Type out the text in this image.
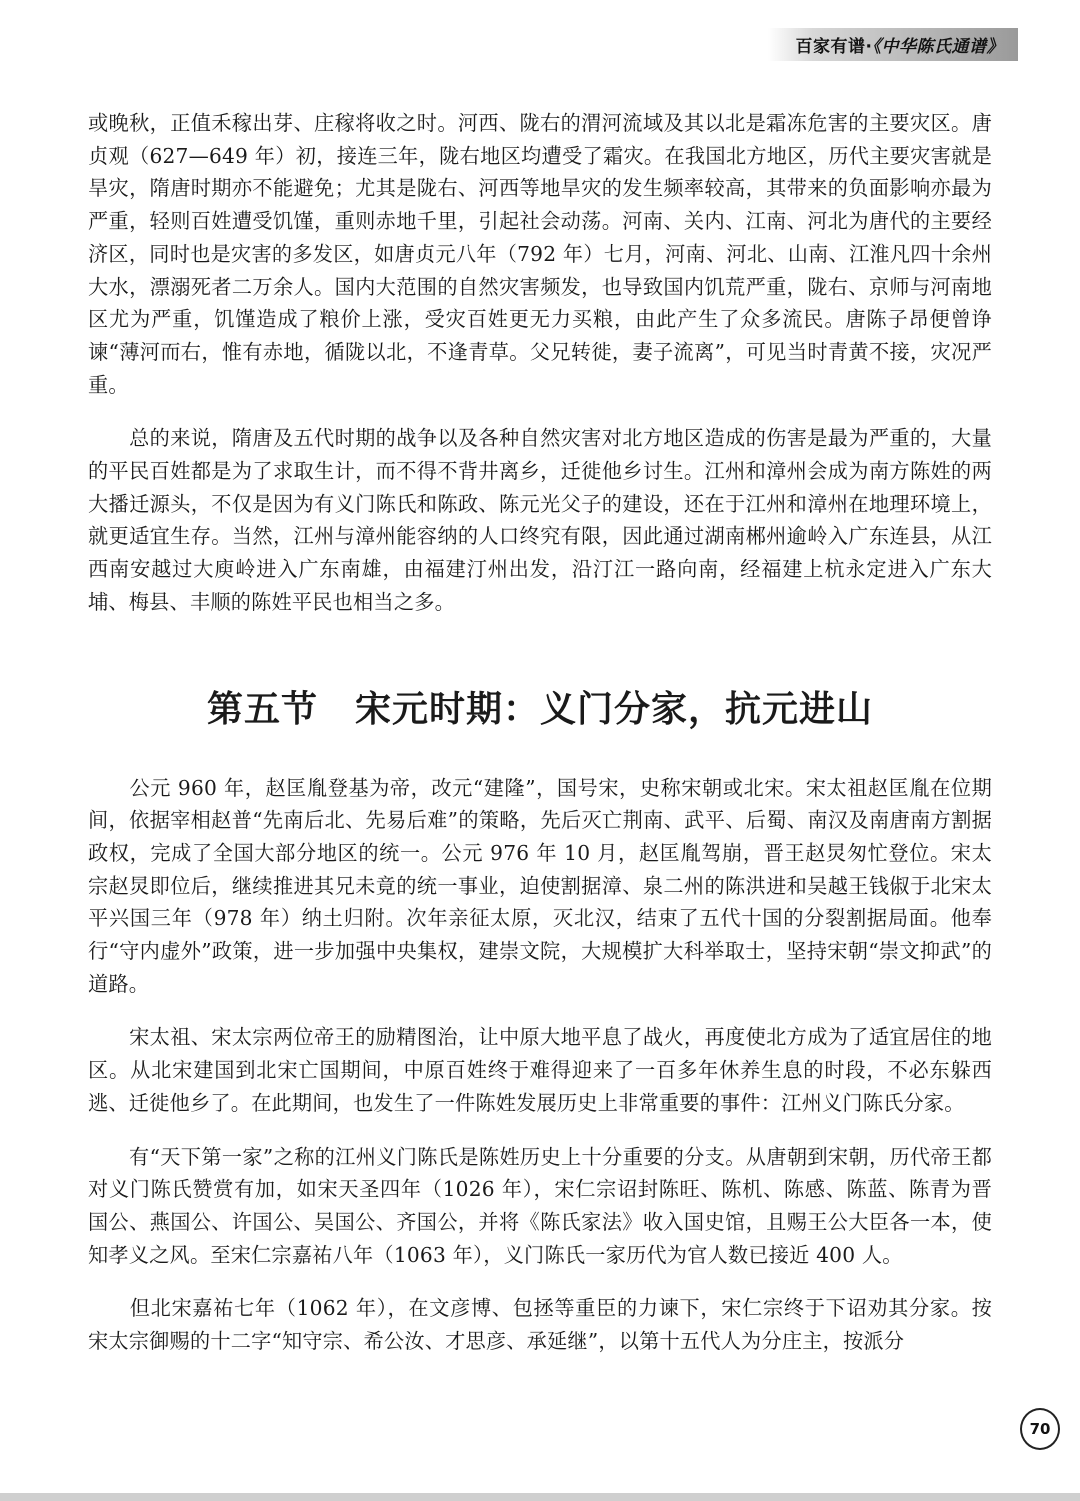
百家有谱·《中华陈氏通谱》

或晚秋，正值禾稼出芽、庄稼将收之时。河西、陇右的渭河流域及其以北是霜冻危害的主要灾区。唐贞观（627—649 年）初，接连三年，陇右地区均遭受了霜灾。在我国北方地区，历代主要灾害就是旱灾，隋唐时期亦不能避免；尤其是陇右、河西等地旱灾的发生频率较高，其带来的负面影响亦最为严重，轻则百姓遭受饥馑，重则赤地千里，引起社会动荡。河南、关内、江南、河北为唐代的主要经济区，同时也是灾害的多发区，如唐贞元八年（792 年）七月，河南、河北、山南、江淮凡四十余州大水，漂溺死者二万余人。国内大范围的自然灾害频发，也导致国内饥荒严重，陇右、京师与河南地区尤为严重，饥馑造成了粮价上涨，受灾百姓更无力买粮，由此产生了众多流民。唐陈子昂便曾诤谏“薄河而右，惟有赤地，循陇以北，不逢青草。父兄转徙，妻子流离”，可见当时青黄不接，灾况严重。

　　总的来说，隋唐及五代时期的战争以及各种自然灾害对北方地区造成的伤害是最为严重的，大量的平民百姓都是为了求取生计，而不得不背井离乡，迁徙他乡讨生。江州和漳州会成为南方陈姓的两大播迁源头，不仅是因为有义门陈氏和陈政、陈元光父子的建设，还在于江州和漳州在地理环境上，就更适宜生存。当然，江州与漳州能容纳的人口终究有限，因此通过湖南郴州逾岭入广东连县，从江西南安越过大庾岭进入广东南雄，由福建汀州出发，沿汀江一路向南，经福建上杭永定进入广东大埔、梅县、丰顺的陈姓平民也相当之多。

第五节　宋元时期：义门分家，抗元进山

　　公元 960 年，赵匡胤登基为帝，改元“建隆”，国号宋，史称宋朝或北宋。宋太祖赵匡胤在位期间，依据宰相赵普“先南后北、先易后难”的策略，先后灭亡荆南、武平、后蜀、南汉及南唐南方割据政权，完成了全国大部分地区的统一。公元 976 年 10 月，赵匡胤驾崩，晋王赵炅匆忙登位。宋太宗赵炅即位后，继续推进其兄未竟的统一事业，迫使割据漳、泉二州的陈洪进和吴越王钱俶于北宋太平兴国三年（978 年）纳土归附。次年亲征太原，灭北汉，结束了五代十国的分裂割据局面。他奉行“守内虚外”政策，进一步加强中央集权，建崇文院，大规模扩大科举取士，坚持宋朝“崇文抑武”的道路。

　　宋太祖、宋太宗两位帝王的励精图治，让中原大地平息了战火，再度使北方成为了适宜居住的地区。从北宋建国到北宋亡国期间，中原百姓终于难得迎来了一百多年休养生息的时段，不必东躲西逃、迁徙他乡了。在此期间，也发生了一件陈姓发展历史上非常重要的事件：江州义门陈氏分家。

　　有“天下第一家”之称的江州义门陈氏是陈姓历史上十分重要的分支。从唐朝到宋朝，历代帝王都对义门陈氏赞赏有加，如宋天圣四年（1026 年），宋仁宗诏封陈旺、陈机、陈感、陈蓝、陈青为晋国公、燕国公、许国公、吴国公、齐国公，并将《陈氏家法》收入国史馆，且赐王公大臣各一本，使知孝义之风。至宋仁宗嘉祐八年（1063 年），义门陈氏一家历代为官人数已接近 400 人。

　　但北宋嘉祐七年（1062 年），在文彦博、包拯等重臣的力谏下，宋仁宗终于下诏劝其分家。按宋太宗御赐的十二字“知守宗、希公汝、才思彦、承延继”，以第十五代人为分庄主，按派分

70
